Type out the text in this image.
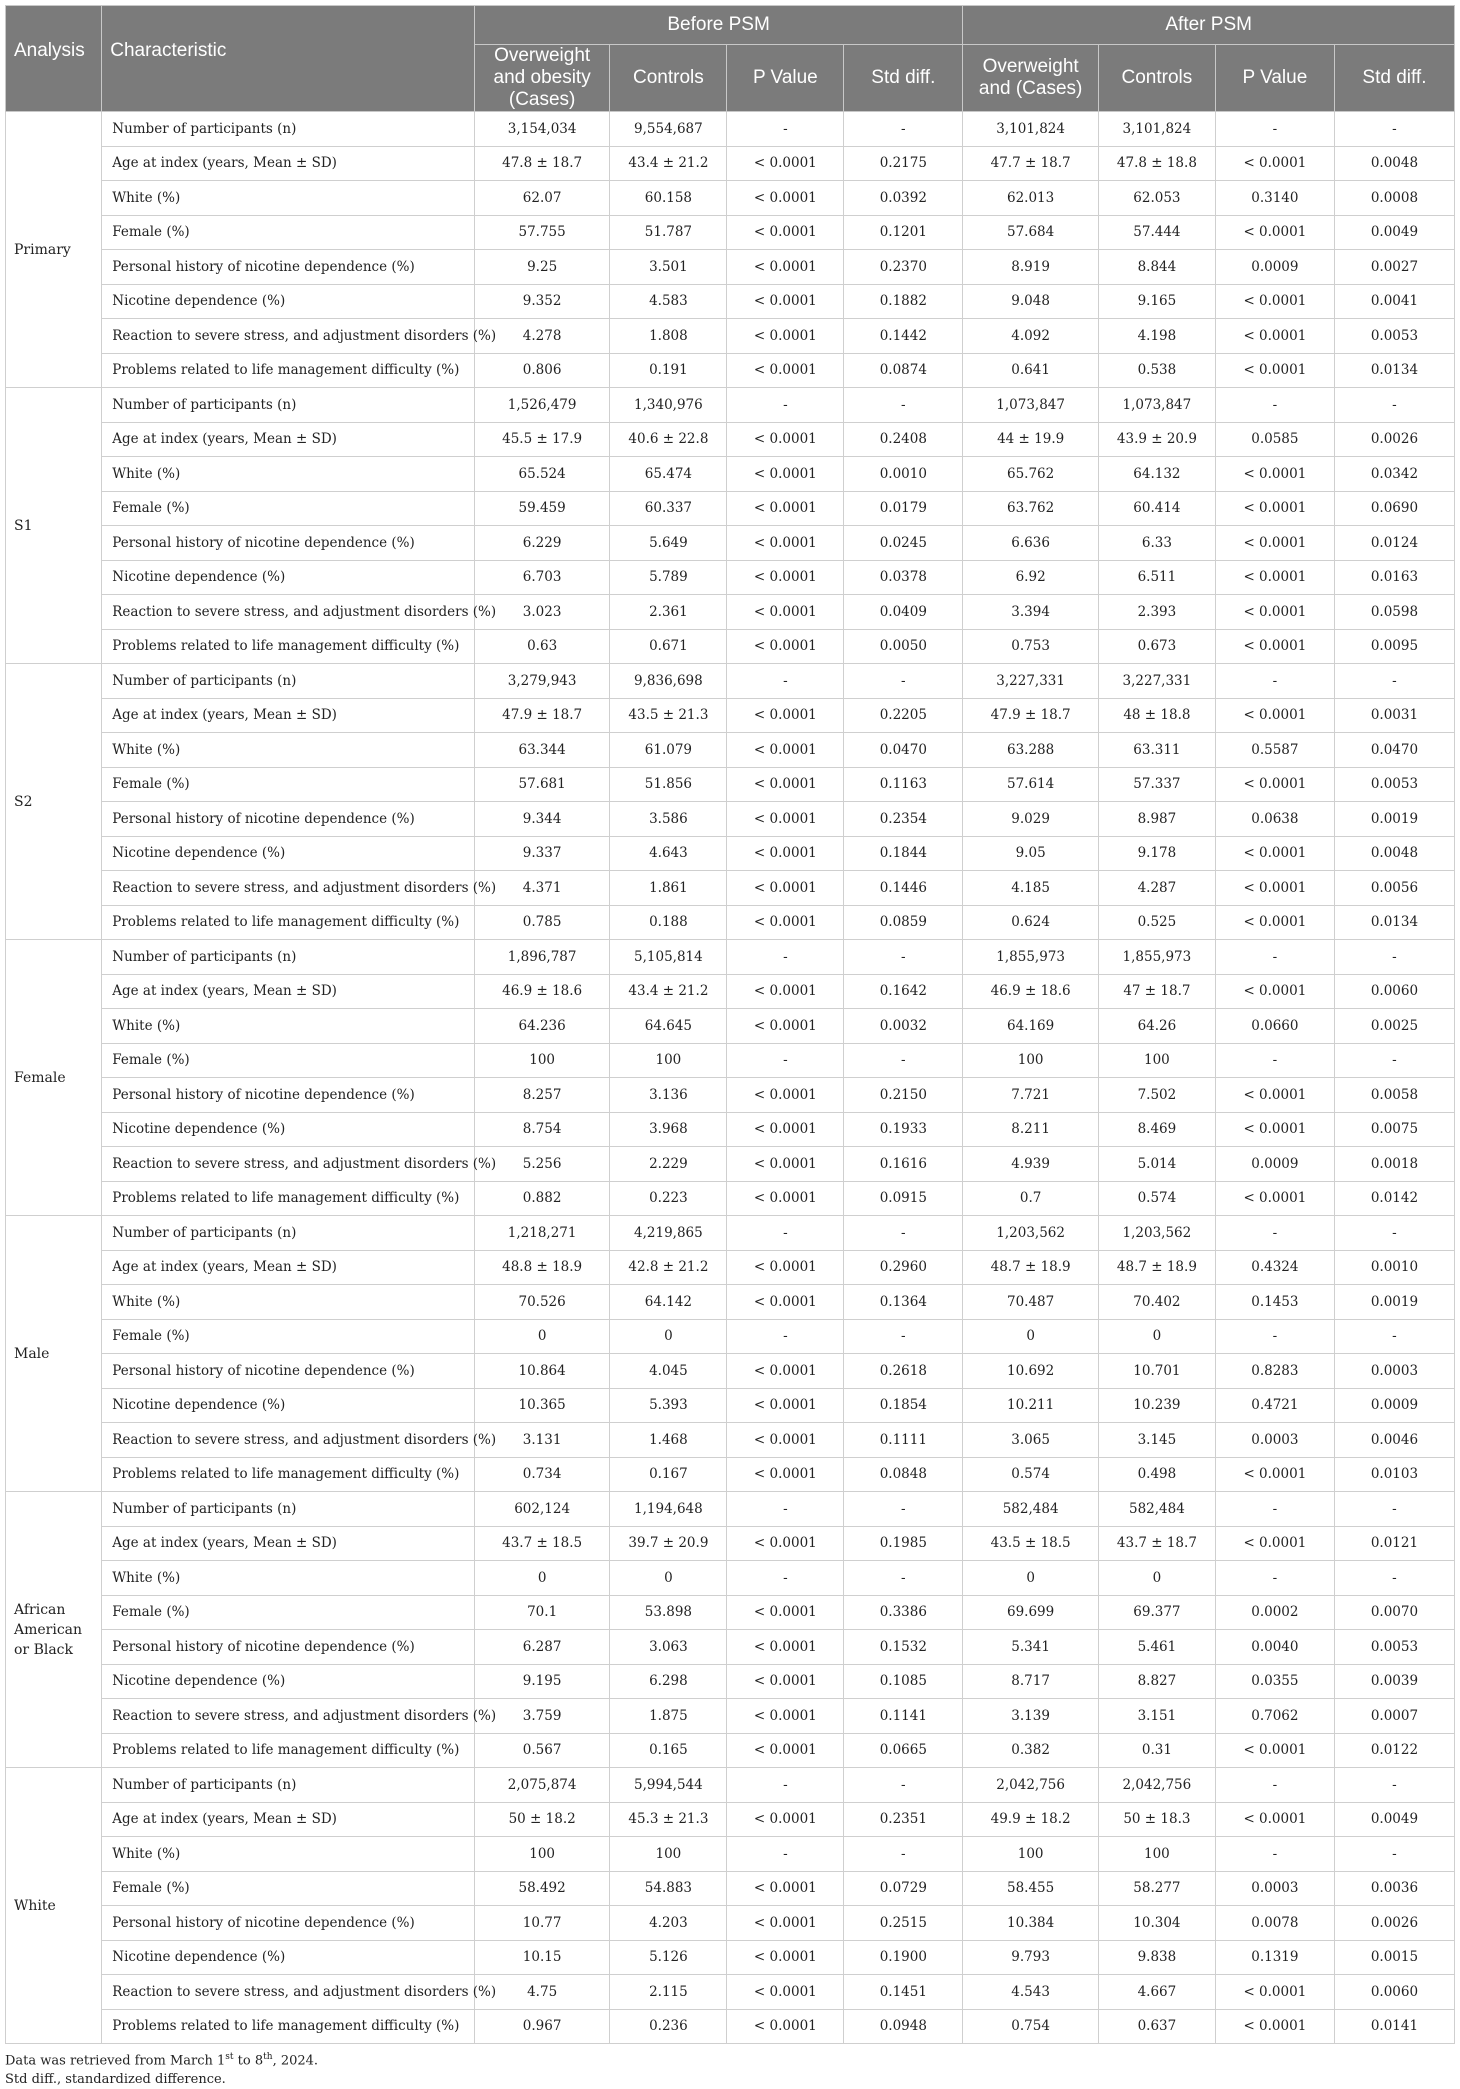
Analysis	Characteristic	Before PSM				After PSM			
		Overweight and obesity (Cases)	Controls	P Value	Std diff.	Overweight and (Cases)	Controls	P Value	Std diff.
Primary	Number of participants (n)	3,154,034	9,554,687	-	-	3,101,824	3,101,824	-	-
	Age at index (years, Mean ± SD)	47.8 ± 18.7	43.4 ± 21.2	< 0.0001	0.2175	47.7 ± 18.7	47.8 ± 18.8	< 0.0001	0.0048
	White (%)	62.07	60.158	< 0.0001	0.0392	62.013	62.053	0.3140	0.0008
	Female (%)	57.755	51.787	< 0.0001	0.1201	57.684	57.444	< 0.0001	0.0049
	Personal history of nicotine dependence (%)	9.25	3.501	< 0.0001	0.2370	8.919	8.844	0.0009	0.0027
	Nicotine dependence (%)	9.352	4.583	< 0.0001	0.1882	9.048	9.165	< 0.0001	0.0041
	Reaction to severe stress, and adjustment disorders (%)	4.278	1.808	< 0.0001	0.1442	4.092	4.198	< 0.0001	0.0053
	Problems related to life management difficulty (%)	0.806	0.191	< 0.0001	0.0874	0.641	0.538	< 0.0001	0.0134
S1	Number of participants (n)	1,526,479	1,340,976	-	-	1,073,847	1,073,847	-	-
	Age at index (years, Mean ± SD)	45.5 ± 17.9	40.6 ± 22.8	< 0.0001	0.2408	44 ± 19.9	43.9 ± 20.9	0.0585	0.0026
	White (%)	65.524	65.474	< 0.0001	0.0010	65.762	64.132	< 0.0001	0.0342
	Female (%)	59.459	60.337	< 0.0001	0.0179	63.762	60.414	< 0.0001	0.0690
	Personal history of nicotine dependence (%)	6.229	5.649	< 0.0001	0.0245	6.636	6.33	< 0.0001	0.0124
	Nicotine dependence (%)	6.703	5.789	< 0.0001	0.0378	6.92	6.511	< 0.0001	0.0163
	Reaction to severe stress, and adjustment disorders (%)	3.023	2.361	< 0.0001	0.0409	3.394	2.393	< 0.0001	0.0598
	Problems related to life management difficulty (%)	0.63	0.671	< 0.0001	0.0050	0.753	0.673	< 0.0001	0.0095
S2	Number of participants (n)	3,279,943	9,836,698	-	-	3,227,331	3,227,331	-	-
	Age at index (years, Mean ± SD)	47.9 ± 18.7	43.5 ± 21.3	< 0.0001	0.2205	47.9 ± 18.7	48 ± 18.8	< 0.0001	0.0031
	White (%)	63.344	61.079	< 0.0001	0.0470	63.288	63.311	0.5587	0.0470
	Female (%)	57.681	51.856	< 0.0001	0.1163	57.614	57.337	< 0.0001	0.0053
	Personal history of nicotine dependence (%)	9.344	3.586	< 0.0001	0.2354	9.029	8.987	0.0638	0.0019
	Nicotine dependence (%)	9.337	4.643	< 0.0001	0.1844	9.05	9.178	< 0.0001	0.0048
	Reaction to severe stress, and adjustment disorders (%)	4.371	1.861	< 0.0001	0.1446	4.185	4.287	< 0.0001	0.0056
	Problems related to life management difficulty (%)	0.785	0.188	< 0.0001	0.0859	0.624	0.525	< 0.0001	0.0134
Female	Number of participants (n)	1,896,787	5,105,814	-	-	1,855,973	1,855,973	-	-
	Age at index (years, Mean ± SD)	46.9 ± 18.6	43.4 ± 21.2	< 0.0001	0.1642	46.9 ± 18.6	47 ± 18.7	< 0.0001	0.0060
	White (%)	64.236	64.645	< 0.0001	0.0032	64.169	64.26	0.0660	0.0025
	Female (%)	100	100	-	-	100	100	-	-
	Personal history of nicotine dependence (%)	8.257	3.136	< 0.0001	0.2150	7.721	7.502	< 0.0001	0.0058
	Nicotine dependence (%)	8.754	3.968	< 0.0001	0.1933	8.211	8.469	< 0.0001	0.0075
	Reaction to severe stress, and adjustment disorders (%)	5.256	2.229	< 0.0001	0.1616	4.939	5.014	0.0009	0.0018
	Problems related to life management difficulty (%)	0.882	0.223	< 0.0001	0.0915	0.7	0.574	< 0.0001	0.0142
Male	Number of participants (n)	1,218,271	4,219,865	-	-	1,203,562	1,203,562	-	-
	Age at index (years, Mean ± SD)	48.8 ± 18.9	42.8 ± 21.2	< 0.0001	0.2960	48.7 ± 18.9	48.7 ± 18.9	0.4324	0.0010
	White (%)	70.526	64.142	< 0.0001	0.1364	70.487	70.402	0.1453	0.0019
	Female (%)	0	0	-	-	0	0	-	-
	Personal history of nicotine dependence (%)	10.864	4.045	< 0.0001	0.2618	10.692	10.701	0.8283	0.0003
	Nicotine dependence (%)	10.365	5.393	< 0.0001	0.1854	10.211	10.239	0.4721	0.0009
	Reaction to severe stress, and adjustment disorders (%)	3.131	1.468	< 0.0001	0.1111	3.065	3.145	0.0003	0.0046
	Problems related to life management difficulty (%)	0.734	0.167	< 0.0001	0.0848	0.574	0.498	< 0.0001	0.0103
African American or Black	Number of participants (n)	602,124	1,194,648	-	-	582,484	582,484	-	-
	Age at index (years, Mean ± SD)	43.7 ± 18.5	39.7 ± 20.9	< 0.0001	0.1985	43.5 ± 18.5	43.7 ± 18.7	< 0.0001	0.0121
	White (%)	0	0	-	-	0	0	-	-
	Female (%)	70.1	53.898	< 0.0001	0.3386	69.699	69.377	0.0002	0.0070
	Personal history of nicotine dependence (%)	6.287	3.063	< 0.0001	0.1532	5.341	5.461	0.0040	0.0053
	Nicotine dependence (%)	9.195	6.298	< 0.0001	0.1085	8.717	8.827	0.0355	0.0039
	Reaction to severe stress, and adjustment disorders (%)	3.759	1.875	< 0.0001	0.1141	3.139	3.151	0.7062	0.0007
	Problems related to life management difficulty (%)	0.567	0.165	< 0.0001	0.0665	0.382	0.31	< 0.0001	0.0122
White	Number of participants (n)	2,075,874	5,994,544	-	-	2,042,756	2,042,756	-	-
	Age at index (years, Mean ± SD)	50 ± 18.2	45.3 ± 21.3	< 0.0001	0.2351	49.9 ± 18.2	50 ± 18.3	< 0.0001	0.0049
	White (%)	100	100	-	-	100	100	-	-
	Female (%)	58.492	54.883	< 0.0001	0.0729	58.455	58.277	0.0003	0.0036
	Personal history of nicotine dependence (%)	10.77	4.203	< 0.0001	0.2515	10.384	10.304	0.0078	0.0026
	Nicotine dependence (%)	10.15	5.126	< 0.0001	0.1900	9.793	9.838	0.1319	0.0015
	Reaction to severe stress, and adjustment disorders (%)	4.75	2.115	< 0.0001	0.1451	4.543	4.667	< 0.0001	0.0060
	Problems related to life management difficulty (%)	0.967	0.236	< 0.0001	0.0948	0.754	0.637	< 0.0001	0.0141
Data was retrieved from March 1st to 8th, 2024.
Std diff., standardized difference.
